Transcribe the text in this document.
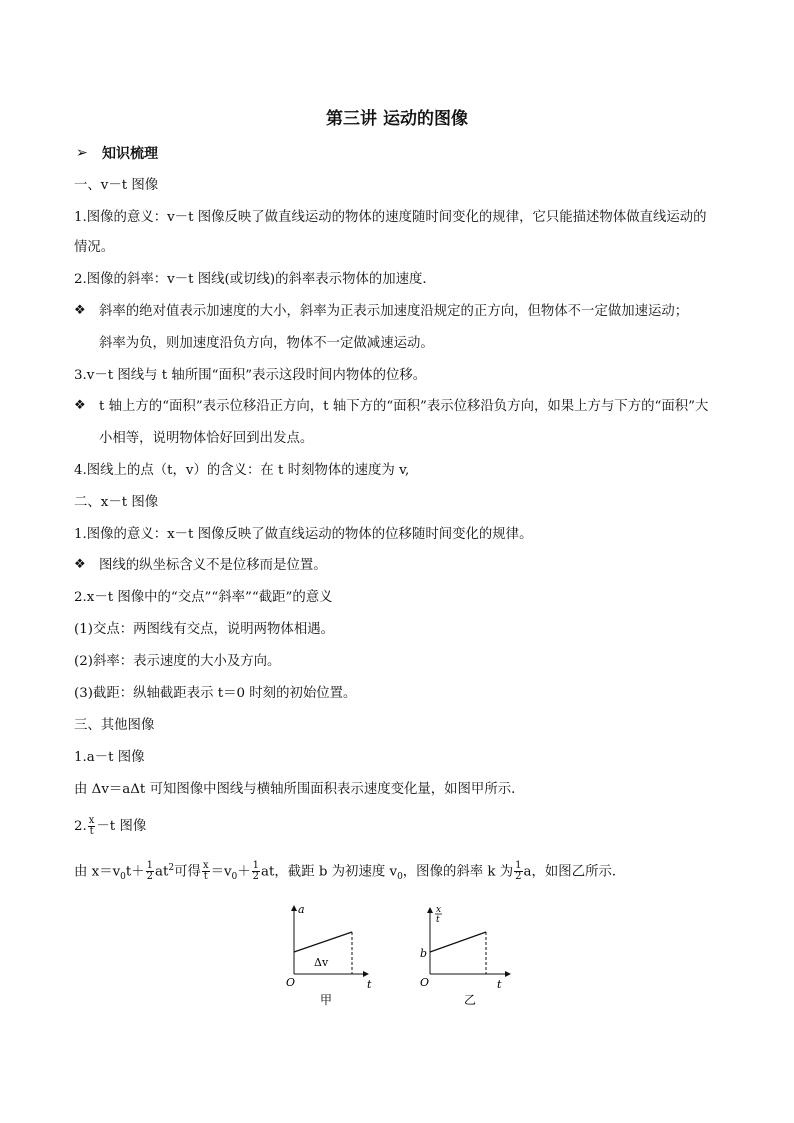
第三讲 运动的图像
➢ 知识梳理
一、v－t 图像
1.图像的意义：v－t 图像反映了做直线运动的物体的速度随时间变化的规律，它只能描述物体做直线运动的
情况。
2.图像的斜率：v－t 图线(或切线)的斜率表示物体的加速度．
❖ 斜率的绝对值表示加速度的大小，斜率为正表示加速度沿规定的正方向，但物体不一定做加速运动；
斜率为负，则加速度沿负方向，物体不一定做减速运动。
3.v－t 图线与 t 轴所围“面积”表示这段时间内物体的位移。
❖ t 轴上方的“面积”表示位移沿正方向，t 轴下方的“面积”表示位移沿负方向，如果上方与下方的“面积”大
小相等，说明物体恰好回到出发点。
4.图线上的点（t，v）的含义：在 t 时刻物体的速度为 v,
二、x－t 图像
1.图像的意义：x－t 图像反映了做直线运动的物体的位移随时间变化的规律。
❖ 图线的纵坐标含义不是位移而是位置。
2.x－t 图像中的“交点”“斜率”“截距”的意义
(1)交点：两图线有交点，说明两物体相遇。
(2)斜率：表示速度的大小及方向。
(3)截距：纵轴截距表示 t＝0 时刻的初始位置。
三、其他图像
1.a－t 图像
由 Δv＝aΔt 可知图像中图线与横轴所围面积表示速度变化量，如图甲所示．
2. $\frac{x}{t} -t$ 图像
由 $x=v_0t+ \frac{1}{2} at^2$可得 $\frac{x}{t} =v_0+ \frac{1}{2}$ at，截距 b 为初速度 $v_0$，图像的斜率 k 为 $\frac{1}{2}$ a，如图乙所示．
a
t
O
Δv
甲
x
t
b
t
O
乙
